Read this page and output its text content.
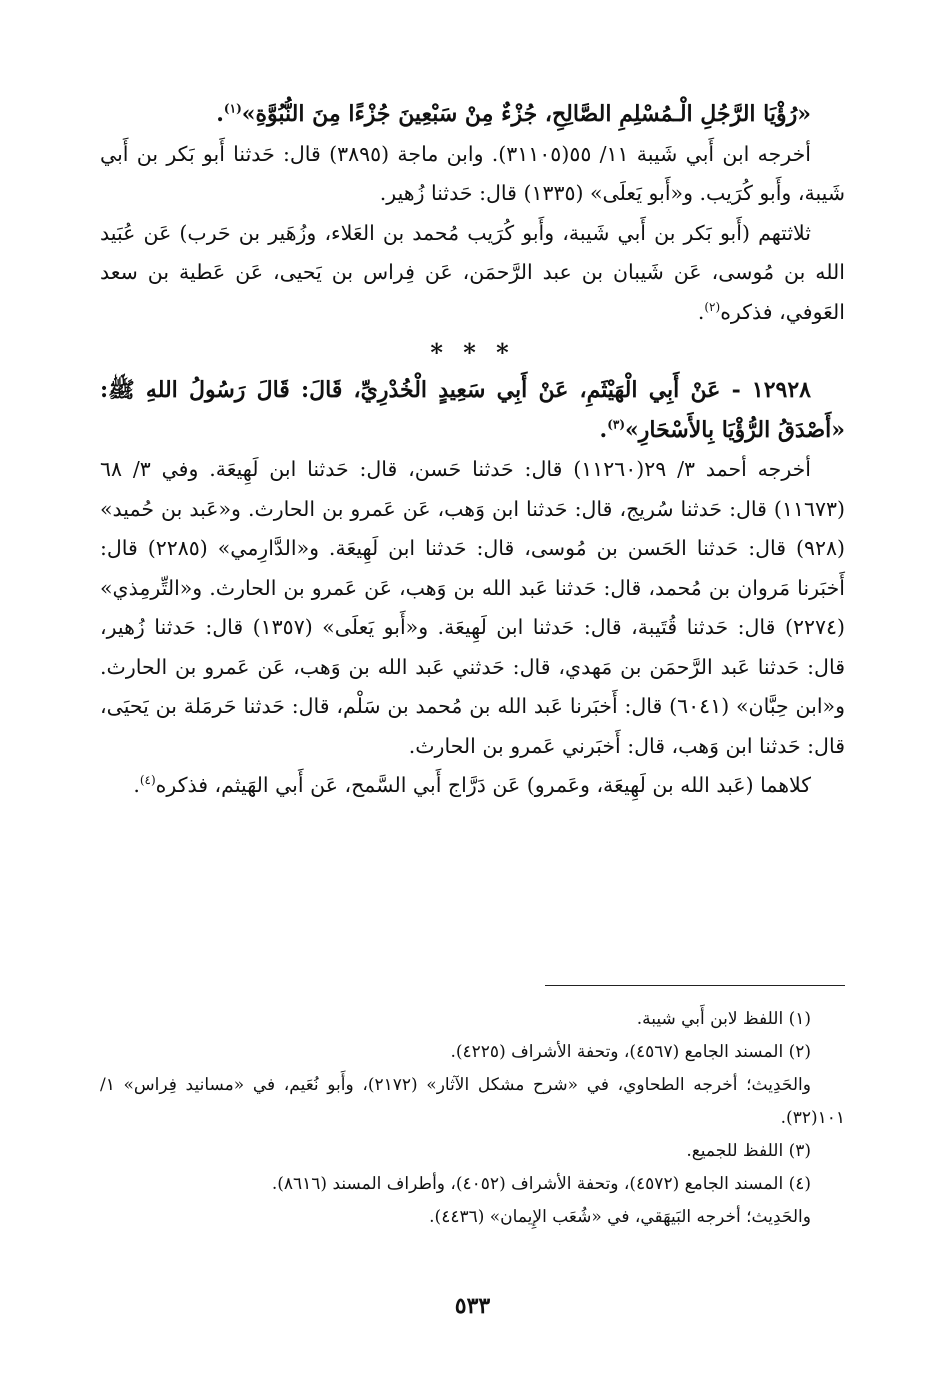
«رُؤْيَا الرَّجُلِ الْـمُسْلِمِ الصَّالِحِ، جُزْءٌ مِنْ سَبْعِينَ جُزْءًا مِنَ النُّبُوَّةِ»$^{(١)}$.

أخرجه ابن أَبي شَيبة ١١/ ٥٥(٣١١٠٥). وابن ماجة (٣٨٩٥) قال: حَدثنا أَبو بَكر بن أَبي شَيبة، وأَبو كُرَيب. و«أَبو يَعلَى» (١٣٣٥) قال: حَدثنا زُهير.

ثلاثتهم (أَبو بَكر بن أَبي شَيبة، وأَبو كُرَيب مُحمد بن العَلاء، وزُهَير بن حَرب) عَن عُبَيد الله بن مُوسى، عَن شَيبان بن عبد الرَّحمَن، عَن فِراس بن يَحيى، عَن عَطية بن سعد العَوفي، فذكره$^{(٢)}$.

* * *

١٢٩٢٨ - عَنْ أَبِي الْهَيْثَمِ، عَنْ أَبِي سَعِيدٍ الْخُدْرِيِّ، قَالَ: قَالَ رَسُولُ اللهِ ﷺ: «أَصْدَقُ الرُّؤْيَا بِالأَسْحَارِ»$^{(٣)}$.

أخرجه أحمد ٣/ ٢٩(١١٢٦٠) قال: حَدثنا حَسن، قال: حَدثنا ابن لَهِيعَة. وفي ٣/ ٦٨ (١١٦٧٣) قال: حَدثنا سُريج، قال: حَدثنا ابن وَهب، عَن عَمرو بن الحارث. و«عَبد بن حُميد» (٩٢٨) قال: حَدثنا الحَسن بن مُوسى، قال: حَدثنا ابن لَهِيعَة. و«الدَّارِمي» (٢٢٨٥) قال: أَخبَرنا مَروان بن مُحمد، قال: حَدثنا عَبد الله بن وَهب، عَن عَمرو بن الحارث. و«التِّرمِذي» (٢٢٧٤) قال: حَدثنا قُتَيبة، قال: حَدثنا ابن لَهِيعَة. و«أَبو يَعلَى» (١٣٥٧) قال: حَدثنا زُهير، قال: حَدثنا عَبد الرَّحمَن بن مَهدي، قال: حَدثني عَبد الله بن وَهب، عَن عَمرو بن الحارث. و«ابن حِبَّان» (٦٠٤١) قال: أَخبَرنا عَبد الله بن مُحمد بن سَلْم، قال: حَدثنا حَرمَلة بن يَحيَى، قال: حَدثنا ابن وَهب، قال: أَخبَرني عَمرو بن الحارث.

كلاهما (عَبد الله بن لَهِيعَة، وعَمرو) عَن دَرَّاج أَبي السَّمح، عَن أَبي الهَيثم، فذكره$^{(٤)}$.

(١) اللفظ لابن أَبي شيبة.

(٢) المسند الجامع (٤٥٦٧)، وتحفة الأشراف (٤٢٢٥).

والحَدِيث؛ أخرجه الطحاوي، في «شرح مشكل الآثار» (٢١٧٢)، وأَبو نُعَيم، في «مسانيد فِراس» ١/ ١٠١(٣٢).

(٣) اللفظ للجميع.

(٤) المسند الجامع (٤٥٧٢)، وتحفة الأشراف (٤٠٥٢)، وأطراف المسند (٨٦١٦).

والحَدِيث؛ أخرجه البَيهَقي، في «شُعَب الإِيمان» (٤٤٣٦).

٥٣٣
